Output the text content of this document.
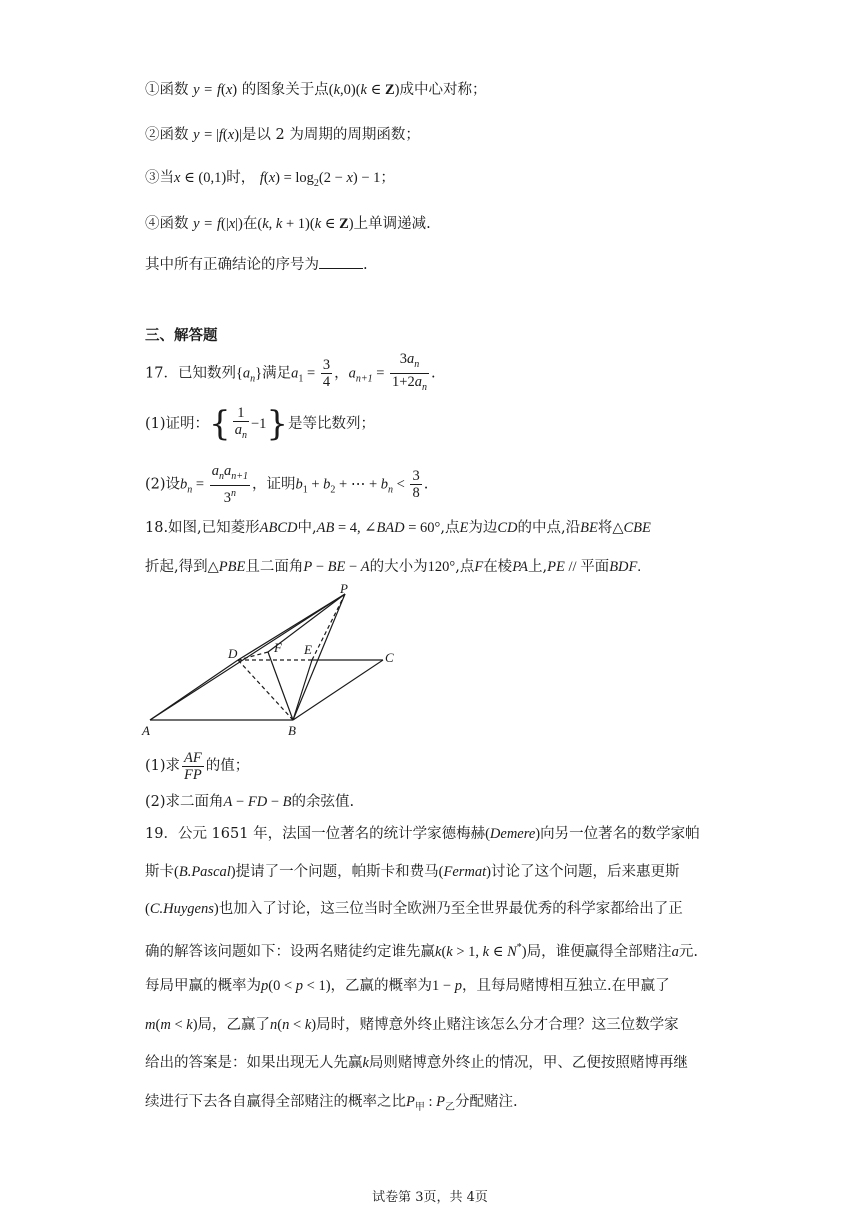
①函数 y = f(x) 的图象关于点(k,0)(k ∈ Z)成中心对称；
②函数 y = |f(x)|是以 2 为周期的周期函数；
③当x ∈ (0,1)时， $f(x) = \log_2(2 - x) - 1$；
④函数 y = f(|x|)在(k, k + 1)(k ∈ Z)上单调递减.
其中所有正确结论的序号为	.
三、解答题
17．已知数列$\{a_n\}$满足$a_1 = \frac{3}{4}$ ，$a_{n+1} = \frac{3a_n}{1+2a_n}$ .
(1)证明：{ $\frac{1}{a_n} -1$}是等比数列；
(2)设$b_n = \frac{a_na_{n+1}}{3^n}$ ，证明$b_1 + b_2$ + ⋯ + $b_n < \frac{3}{8}$ .
18.如图,已知菱形ABCD中,AB = 4, ∠BAD = 60°,点E为边CD的中点,沿BE将△CBE
折起,得到△PBE且二面角P − BE − A的大小为120°,点F在棱PA上,PE // 平面BDF.
A	B
C
D	E
F
P
(1)求 $\frac{AF}{FP}$ 的值；
(2)求二面角A − FD − B的余弦值.
19．公元 1651 年，法国一位著名的统计学家德梅赫(Demere)向另一位著名的数学家帕
斯卡(B.Pascal)提请了一个问题，帕斯卡和费马(Fermat)讨论了这个问题，后来惠更斯
(C.Huygens)也加入了讨论，这三位当时全欧洲乃至全世界最优秀的科学家都给出了正
确的解答该问题如下：设两名赌徒约定谁先赢k(k > 1, k ∈ N*)局，谁便赢得全部赌注a元.
每局甲赢的概率为p(0 < p < 1)，乙赢的概率为1 − p，且每局赌博相互独立.在甲赢了
m(m < k)局，乙赢了n(n < k)局时，赌博意外终止赌注该怎么分才合理？这三位数学家
给出的答案是：如果出现无人先赢k局则赌博意外终止的情况，甲、乙便按照赌博再继
续进行下去各自赢得全部赌注的概率之比$P_甲$ : $P_乙$分配赌注.
试卷第 3页，共 4页
